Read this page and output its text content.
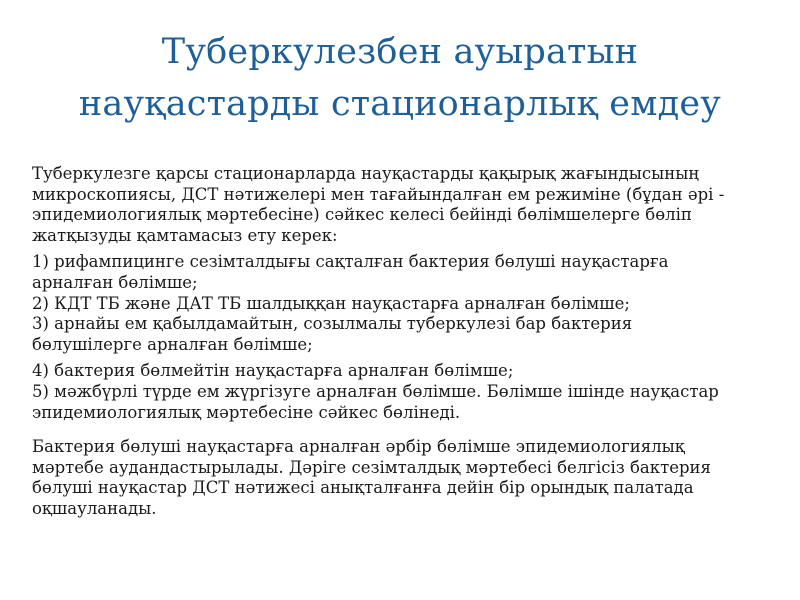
Туберкулезбен ауыратын
науқастарды стационарлық емдеу
Туберкулезге қарсы стационарларда науқастарды қақырық жағындысының
микроскопиясы, ДСТ нәтижелері мен тағайындалған ем режиміне (бұдан әрі -
эпидемиологиялық мәртебесіне) сәйкес келесі бейінді бөлімшелерге бөліп
жатқызуды қамтамасыз ету керек:
1) рифампицинге сезімталдығы сақталған бактерия бөлуші науқастарға
арналған бөлімше;
2) КДТ ТБ және ДАТ ТБ шалдыққан науқастарға арналған бөлімше;
3) арнайы ем қабылдамайтын, созылмалы туберкулезі бар бактерия
бөлушілерге арналған бөлімше;
4) бактерия бөлмейтін науқастарға арналған бөлімше;
5) мәжбүрлі түрде ем жүргізуге арналған бөлімше. Бөлімше ішінде науқастар
эпидемиологиялық мәртебесіне сәйкес бөлінеді.
Бактерия бөлуші науқастарға арналған әрбір бөлімше эпидемиологиялық
мәртебе аудандастырылады. Дәріге сезімталдық мәртебесі белгісіз бактерия
бөлуші науқастар ДСТ нәтижесі анықталғанға дейін бір орындық палатада
оқшауланады.
